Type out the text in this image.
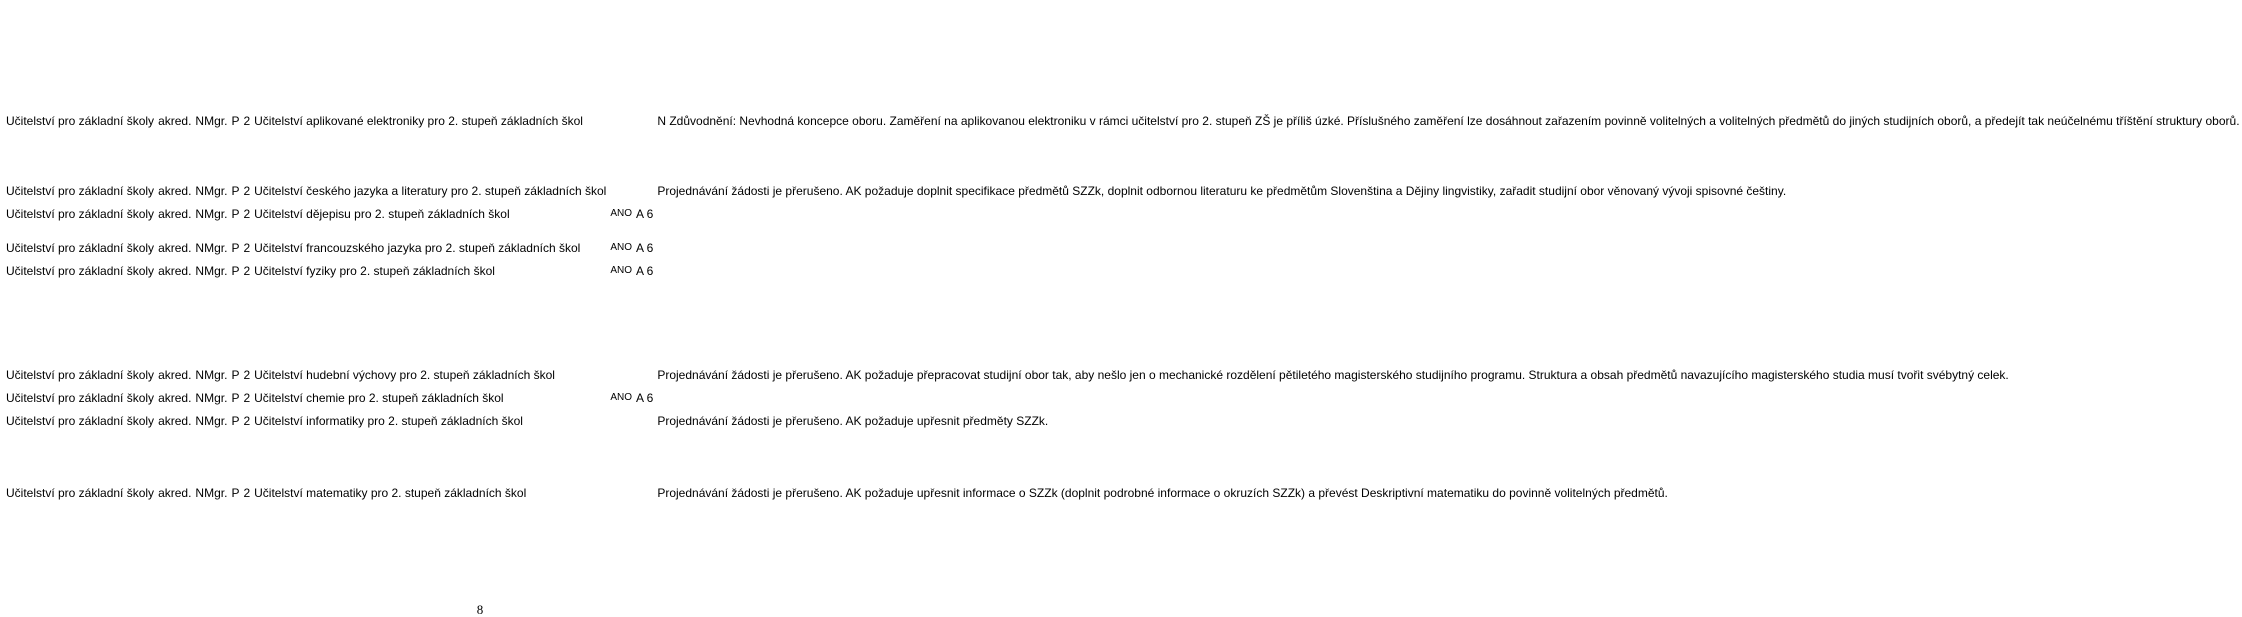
Učitelství pro základní školy	akred.	NMgr.	P	2	Učitelství aplikované elektroniky pro 2. stupeň základních škol			N Zdůvodnění: Nevhodná koncepce oboru. Zaměření na aplikovanou elektroniku v rámci učitelství pro 2. stupeň ZŠ je příliš úzké. Příslušného zaměření lze dosáhnout zařazením povinně volitelných a volitelných předmětů do jiných studijních oborů, a předejít tak neúčelnému tříštění struktury oborů.
Učitelství pro základní školy	akred.	NMgr.	P	2	Učitelství českého jazyka a literatury pro 2. stupeň základních škol			Projednávání žádosti je přerušeno. AK požaduje doplnit specifikace předmětů SZZk, doplnit odbornou literaturu ke předmětům Slovenština a Dějiny lingvistiky, zařadit studijní obor věnovaný vývoji spisovné češtiny.
Učitelství pro základní školy	akred.	NMgr.	P	2	Učitelství dějepisu pro 2. stupeň základních škol	ANO	A 6	
Učitelství pro základní školy	akred.	NMgr.	P	2	Učitelství francouzského jazyka pro 2. stupeň základních škol	ANO	A 6	
Učitelství pro základní školy	akred.	NMgr.	P	2	Učitelství fyziky pro 2. stupeň základních škol	ANO	A 6	
Učitelství pro základní školy	akred.	NMgr.	P	2	Učitelství hudební výchovy pro 2. stupeň základních škol			Projednávání žádosti je přerušeno. AK požaduje přepracovat studijní obor tak, aby nešlo jen o mechanické rozdělení pětiletého magisterského studijního programu. Struktura a obsah předmětů navazujícího magisterského studia musí tvořit svébytný celek.
Učitelství pro základní školy	akred.	NMgr.	P	2	Učitelství chemie pro 2. stupeň základních škol	ANO	A 6	
Učitelství pro základní školy	akred.	NMgr.	P	2	Učitelství informatiky pro 2. stupeň základních škol			Projednávání žádosti je přerušeno. AK požaduje upřesnit předměty SZZk.
Učitelství pro základní školy	akred.	NMgr.	P	2	Učitelství matematiky pro 2. stupeň základních škol			Projednávání žádosti je přerušeno. AK požaduje upřesnit informace o SZZk (doplnit podrobné informace o okruzích SZZk) a převést Deskriptivní matematiku do povinně volitelných předmětů.
8
